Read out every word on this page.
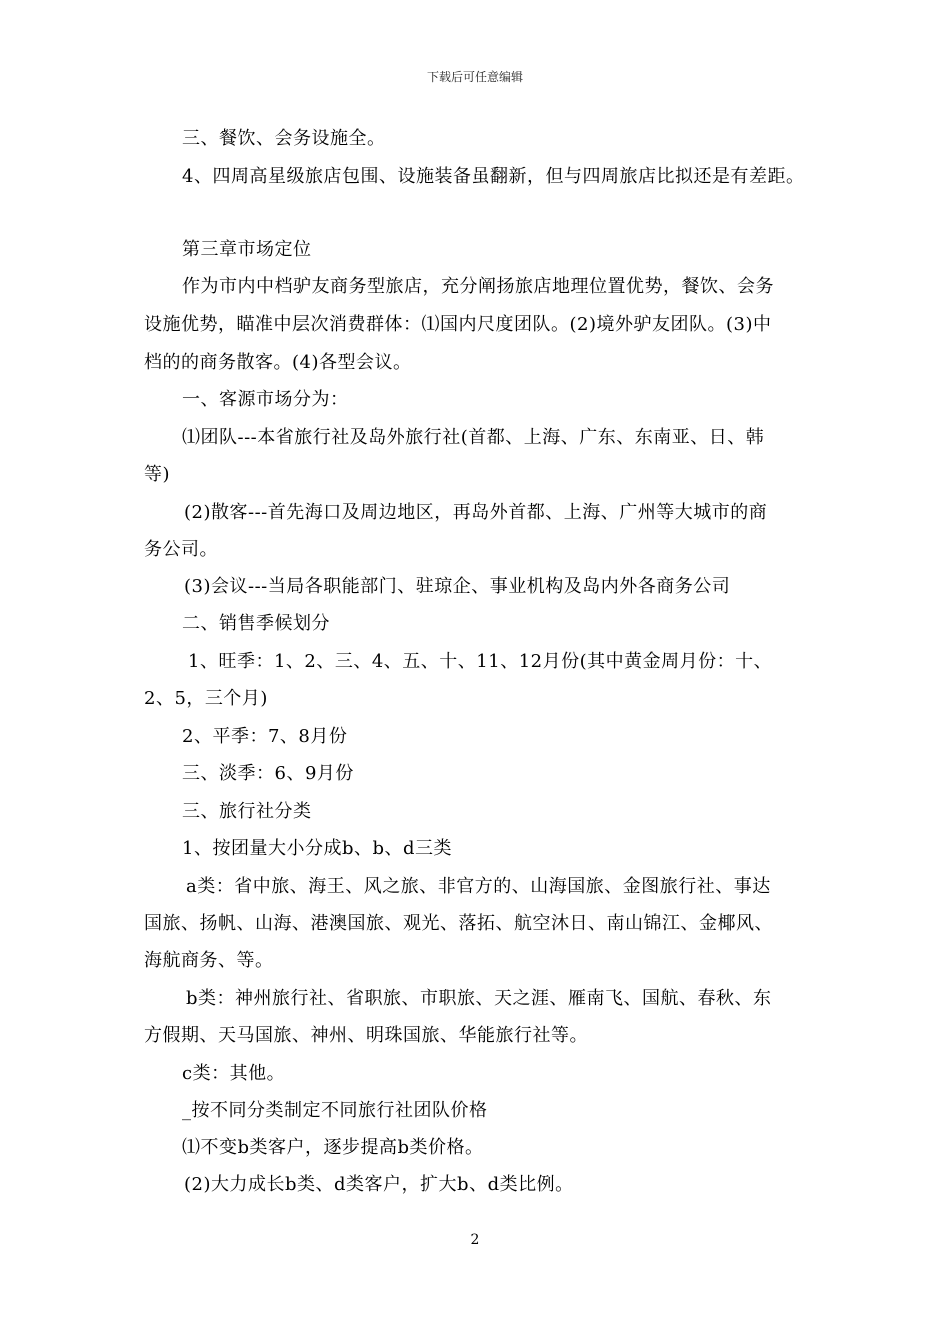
下载后可任意编辑
三、餐饮、会务设施全。
4、四周高星级旅店包围、设施装备虽翻新，但与四周旅店比拟还是有差距。
第三章市场定位
作为市内中档驴友商务型旅店，充分阐扬旅店地理位置优势，餐饮、会务
设施优势，瞄准中层次消费群体：⑴国内尺度团队。(2)境外驴友团队。(3)中
档的的商务散客。(4)各型会议。
一、客源市场分为：
⑴团队---本省旅行社及岛外旅行社(首都、上海、广东、东南亚、日、韩
等)
(2)散客---首先海口及周边地区，再岛外首都、上海、广州等大城市的商
务公司。
(3)会议---当局各职能部门、驻琼企、事业机构及岛内外各商务公司
二、销售季候划分
1、旺季：1、2、三、4、五、十、11、12月份(其中黄金周月份：十、
2、5，三个月)
2、平季：7、8月份
三、淡季：6、9月份
三、旅行社分类
1、按团量大小分成b、b、d三类
a类：省中旅、海王、风之旅、非官方的、山海国旅、金图旅行社、事达
国旅、扬帆、山海、港澳国旅、观光、落拓、航空沐日、南山锦江、金椰风、
海航商务、等。
b类：神州旅行社、省职旅、市职旅、天之涯、雁南飞、国航、春秋、东
方假期、天马国旅、神州、明珠国旅、华能旅行社等。
c类：其他。
_按不同分类制定不同旅行社团队价格
⑴不变b类客户，逐步提高b类价格。
(2)大力成长b类、d类客户，扩大b、d类比例。
2
